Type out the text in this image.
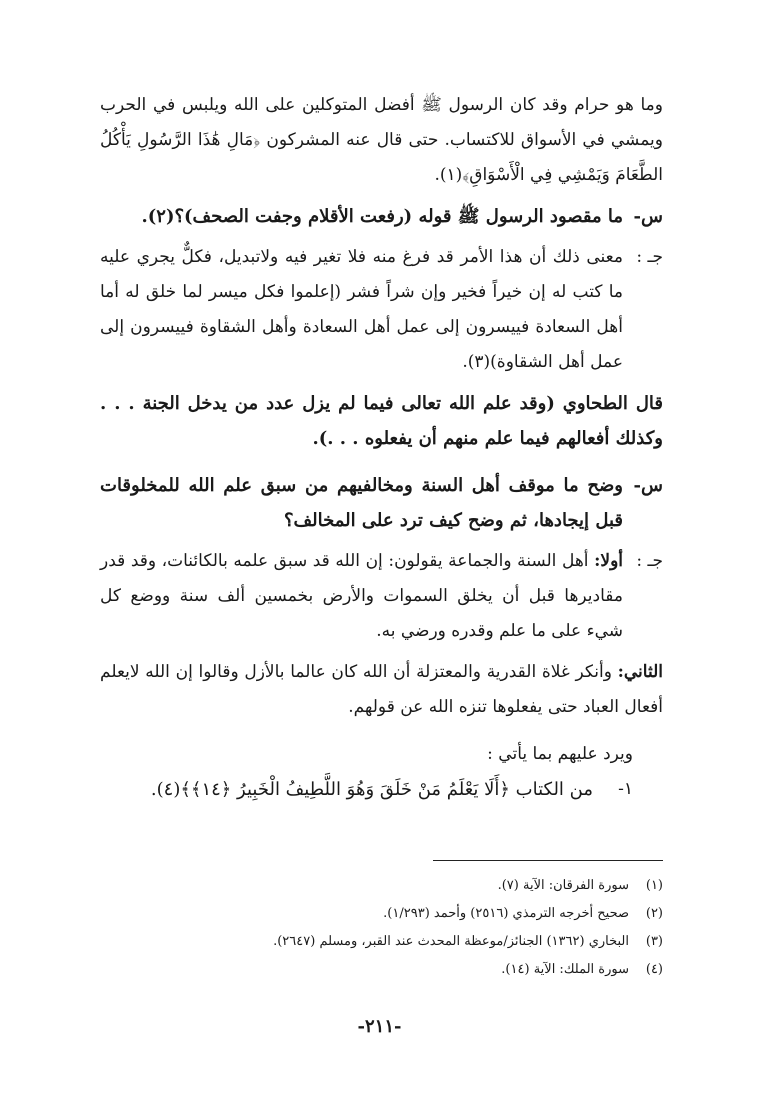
وما هو حرام وقد كان الرسول ﷺ أفضل المتوكلين على الله ويلبس في الحرب ويمشي في الأسواق للاكتساب. حتى قال عنه المشركون ﴿مَالِ هَٰذَا الرَّسُولِ يَأْكُلُ الطَّعَامَ وَيَمْشِي فِي الْأَسْوَاقِ﴾(١).

س-
ما مقصود الرسول ﷺ قوله (رفعت الأقلام وجفت الصحف)؟(٢).
جـ :
معنى ذلك أن هذا الأمر قد فرغ منه فلا تغير فيه ولاتبديل، فكلٌّ يجري عليه ما كتب له إن خيراً فخير وإن شراً فشر (إعلموا فكل ميسر لما خلق له أما أهل السعادة فييسرون إلى عمل أهل السعادة وأهل الشقاوة فييسرون إلى عمل أهل الشقاوة)(٣).

قال الطحاوي (وقد علم الله تعالى فيما لم يزل عدد من يدخل الجنة . . . وكذلك أفعالهم فيما علم منهم أن يفعلوه . . .).

س-
وضح ما موقف أهل السنة ومخالفيهم من سبق علم الله للمخلوقات قبل إيجادها، ثم وضح كيف ترد على المخالف؟
جـ :
أولا: أهل السنة والجماعة يقولون: إن الله قد سبق علمه بالكائنات، وقد قدر مقاديرها قبل أن يخلق السموات والأرض بخمسين ألف سنة ووضع كل شيء على ما علم وقدره ورضي به.

الثاني: وأنكر غلاة القدرية والمعتزلة أن الله كان عالما بالأزل وقالوا إن الله لايعلم أفعال العباد حتى يفعلوها تنزه الله عن قولهم.

ويرد عليهم بما يأتي :

١-
من الكتاب ﴿أَلَا يَعْلَمُ مَنْ خَلَقَ وَهُوَ اللَّطِيفُ الْخَبِيرُ ﴿١٤﴾﴾(٤).
(١)
سورة الفرقان: الآية (٧).
(٢)
صحيح أخرجه الترمذي (٢٥١٦) وأحمد (١/٢٩٣).
(٣)
البخاري (١٣٦٢) الجنائز/موعظة المحدث عند القبر، ومسلم (٢٦٤٧).
(٤)
سورة الملك: الآية (١٤).
-٢١١-
